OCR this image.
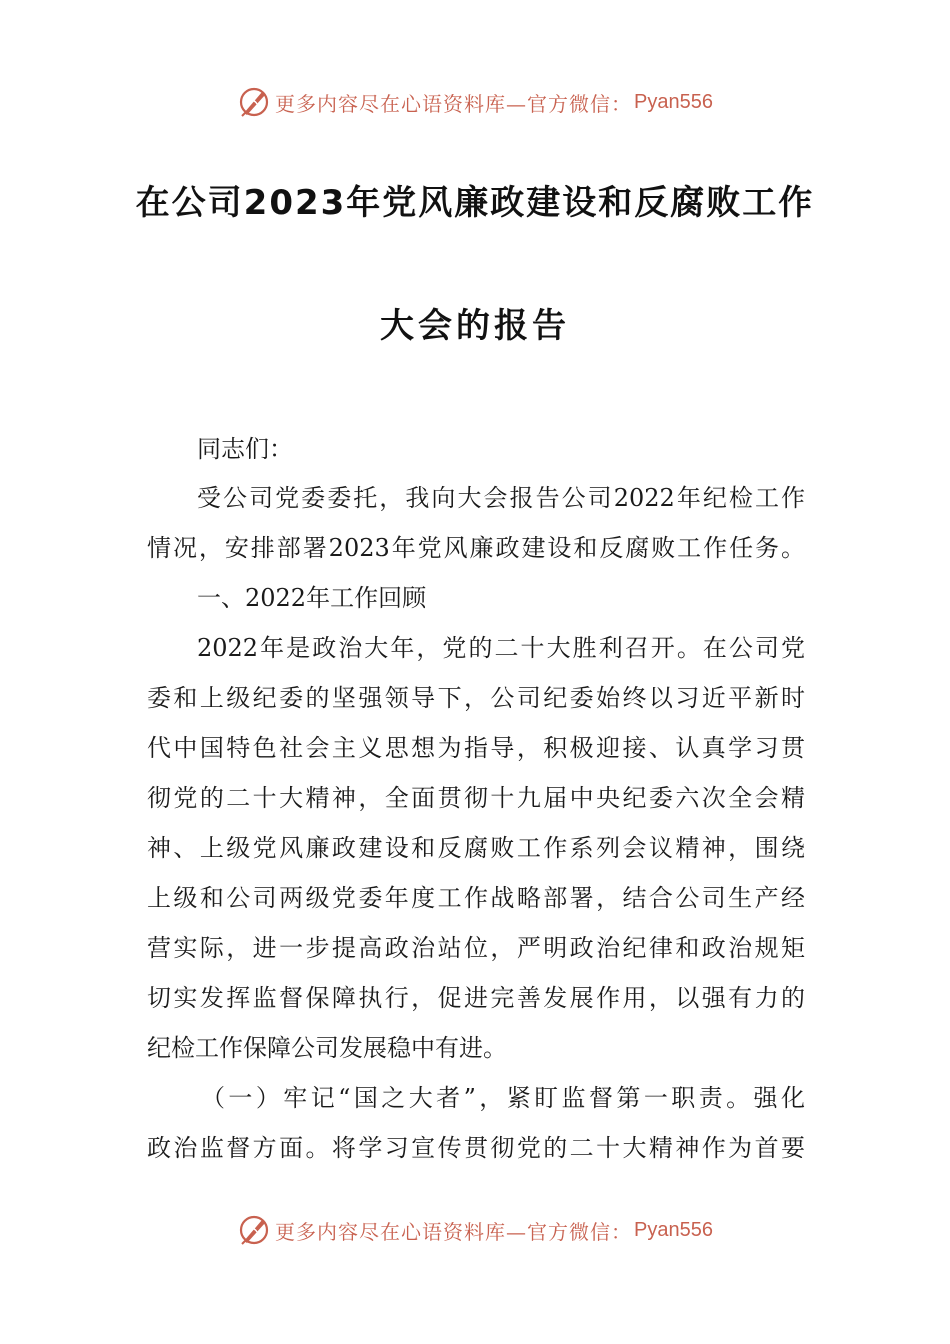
更多内容尽在心语资料库—官方微信： Pyan556
在公司2023年党风廉政建设和反腐败工作
大会的报告
同志们：
受公司党委委托，我向大会报告公司2022年纪检工作
情况，安排部署2023年党风廉政建设和反腐败工作任务。
一、2022年工作回顾
2022年是政治大年，党的二十大胜利召开。在公司党
委和上级纪委的坚强领导下，公司纪委始终以习近平新时
代中国特色社会主义思想为指导，积极迎接、认真学习贯
彻党的二十大精神，全面贯彻十九届中央纪委六次全会精
神、上级党风廉政建设和反腐败工作系列会议精神，围绕
上级和公司两级党委年度工作战略部署，结合公司生产经
营实际，进一步提高政治站位，严明政治纪律和政治规矩
切实发挥监督保障执行，促进完善发展作用，以强有力的
纪检工作保障公司发展稳中有进。
（一）牢记“国之大者”，紧盯监督第一职责。强化
政治监督方面。将学习宣传贯彻党的二十大精神作为首要
更多内容尽在心语资料库—官方微信： Pyan556
